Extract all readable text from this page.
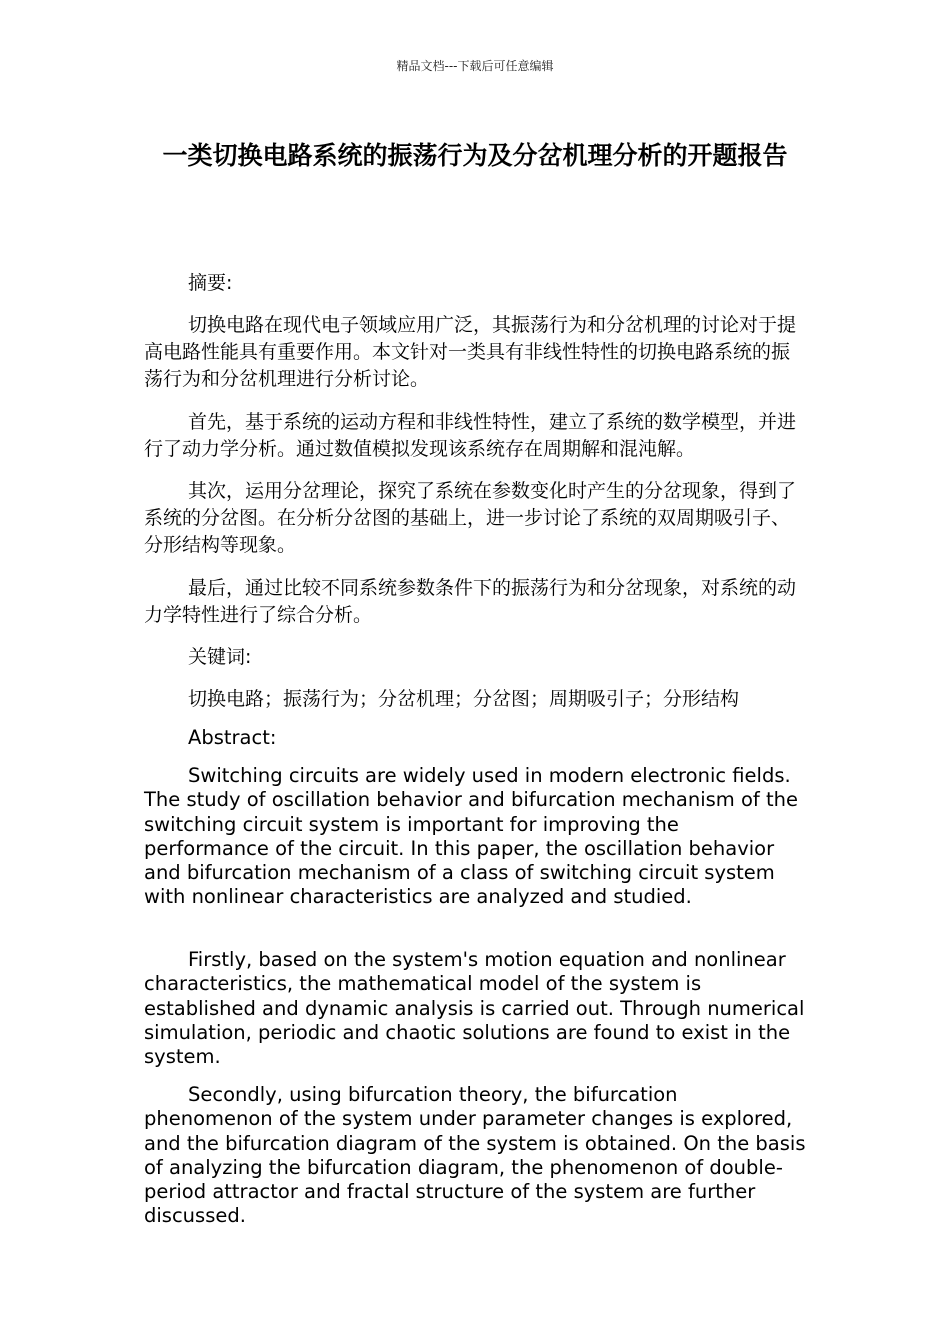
精品文档---下载后可任意编辑
一类切换电路系统的振荡行为及分岔机理分析的开题报告

摘要:

切换电路在现代电子领域应用广泛，其振荡行为和分岔机理的讨论对于提高电路性能具有重要作用。本文针对一类具有非线性特性的切换电路系统的振荡行为和分岔机理进行分析讨论。

首先，基于系统的运动方程和非线性特性，建立了系统的数学模型，并进行了动力学分析。通过数值模拟发现该系统存在周期解和混沌解。

其次，运用分岔理论，探究了系统在参数变化时产生的分岔现象，得到了系统的分岔图。在分析分岔图的基础上，进一步讨论了系统的双周期吸引子、分形结构等现象。

最后，通过比较不同系统参数条件下的振荡行为和分岔现象，对系统的动力学特性进行了综合分析。

关键词:

切换电路；振荡行为；分岔机理；分岔图；周期吸引子；分形结构

Abstract:

Switching circuits are widely used in modern electronic fields. The study of oscillation behavior and bifurcation mechanism of the switching circuit system is important for improving the performance of the circuit. In this paper, the oscillation behavior and bifurcation mechanism of a class of switching circuit system with nonlinear characteristics are analyzed and studied.

Firstly, based on the system's motion equation and nonlinear characteristics, the mathematical model of the system is established and dynamic analysis is carried out. Through numerical simulation, periodic and chaotic solutions are found to exist in the system.

Secondly, using bifurcation theory, the bifurcation phenomenon of the system under parameter changes is explored, and the bifurcation diagram of the system is obtained. On the basis of analyzing the bifurcation diagram, the phenomenon of double-period attractor and fractal structure of the system are further discussed.
